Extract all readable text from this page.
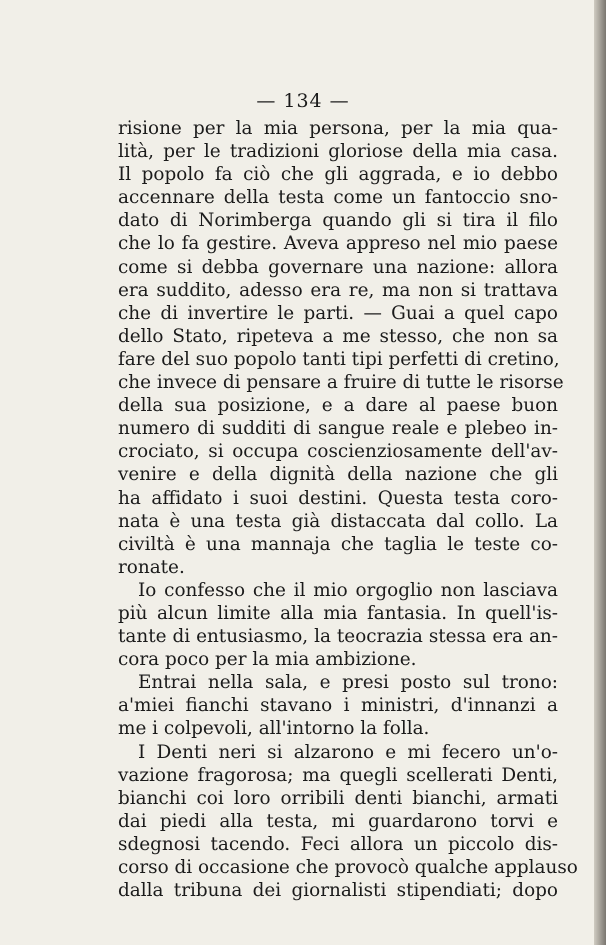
— 134 —
risione per la mia persona, per la mia qua-
lità, per le tradizioni gloriose della mia casa.
Il popolo fa ciò che gli aggrada, e io debbo
accennare della testa come un fantoccio sno-
dato di Norimberga quando gli si tira il filo
che lo fa gestire. Aveva appreso nel mio paese
come si debba governare una nazione: allora
era suddito, adesso era re, ma non si trattava
che di invertire le parti. — Guai a quel capo
dello Stato, ripeteva a me stesso, che non sa
fare del suo popolo tanti tipi perfetti di cretino,
che invece di pensare a fruire di tutte le risorse
della sua posizione, e a dare al paese buon
numero di sudditi di sangue reale e plebeo in-
crociato, si occupa coscienziosamente dell'av-
venire e della dignità della nazione che gli
ha affidato i suoi destini. Questa testa coro-
nata è una testa già distaccata dal collo. La
civiltà è una mannaja che taglia le teste co-
ronate.
Io confesso che il mio orgoglio non lasciava
più alcun limite alla mia fantasia. In quell'is-
tante di entusiasmo, la teocrazia stessa era an-
cora poco per la mia ambizione.
Entrai nella sala, e presi posto sul trono:
a'miei fianchi stavano i ministri, d'innanzi a
me i colpevoli, all'intorno la folla.
I Denti neri si alzarono e mi fecero un'o-
vazione fragorosa; ma quegli scellerati Denti,
bianchi coi loro orribili denti bianchi, armati
dai piedi alla testa, mi guardarono torvi e
sdegnosi tacendo. Feci allora un piccolo dis-
corso di occasione che provocò qualche applauso
dalla tribuna dei giornalisti stipendiati; dopo
